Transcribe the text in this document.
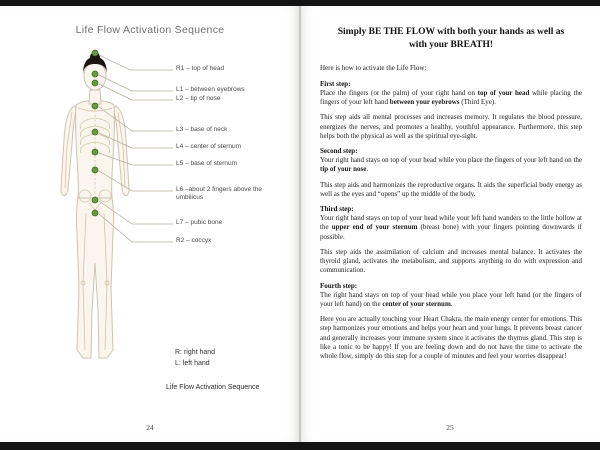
Life Flow Activation Sequence
R1 – top of head
L1 – between eyebrows
L2 – tip of nose
L3 – base of neck
L4 – center of sternum
L5 – base of sternum
L6 –about 2 fingers above the umbilicus
L7 – pubic bone
R2 – coccyx
R: right hand
L: left hand
Life Flow Activation Sequence
24
Simply BE THE FLOW with both your hands as well as with your BREATH!

Here is how to activate the Life Flow:

First step:

Place the fingers (or the palm) of your right hand on top of your head while placing the fingers of your left hand between your eyebrows (Third Eye).

This step aids all mental processes and increases memory. It regulates the blood pressure, energizes the nerves, and promotes a healthy, youthful appearance. Furthermore, this step helps both the physical as well as the spiritual eye-sight.

Second step:

Your right hand stays on top of your head while you place the fingers of your left hand on the tip of your nose.

This step aids and harmonizes the reproductive organs. It aids the superficial body energy as well as the eyes and “opens” up the middle of the body.

Third step:

Your right hand stays on top of your head while your left hand wanders to the little hollow at the upper end of your sternum (breast bone) with your fingers pointing downwards if possible.

This step aids the assimilation of calcium and increases mental balance. It activates the thyroid gland, activates the metabolism, and supports anything to do with expression and communication.

Fourth step:

The right hand stays on top of your head while you place your left hand (or the fingers of your left hand) on the center of your sternum.

Here you are actually touching your Heart Chakra, the main energy center for emotions. This step harmonizes your emotions and helps your heart and your lungs. It prevents breast cancer and generally increases your immune system since it activates the thymus gland. This step is like a tonic to be happy! If you are feeling down and do not have the time to activate the whole flow, simply do this step for a couple of minutes and feel your worries disappear!

25
